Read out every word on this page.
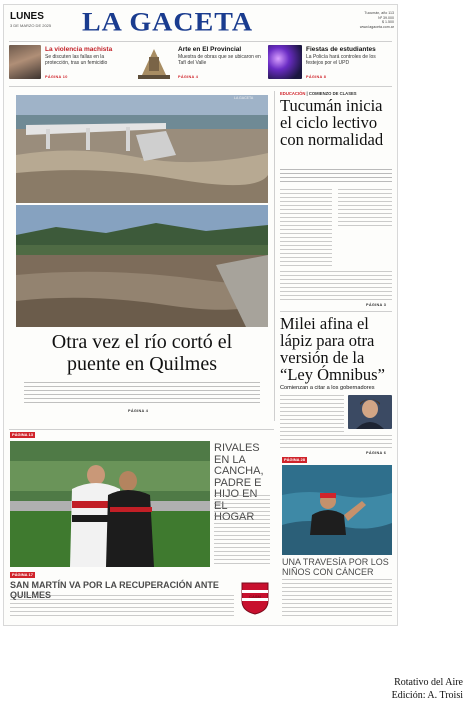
LUNES
3 DE MARZO DE 2025	LA GACETA	Tucumán, año 113
Nº 39.000
$ 1.500
www.lagaceta.com.ar
La violencia machista
Se discuten las fallas en la protección, tras un femicidio
PÁGINA 10
Arte en El Provincial
Muestra de obras que se ubicaron en Tafí del Valle
PÁGINA 4
Fiestas de estudiantes
La Policía hará controles de los festejos por el UPD
PÁGINA 8
LA GACETA
Otra vez el río cortó el
puente en Quilmes
PÁGINA 4
EDUCACIÓN | COMIENZO DE CLASES
Tucumán inicia el ciclo lectivo con normalidad
PÁGINA 3
Milei afina el
lápiz para otra
versión de la
“Ley Ómnibus”
Comienzan a citar a los gobernadores
PÁGINA 6
PÁGINA 13
RIVALES EN LA CANCHA, PADRE E HIJO EN EL HOGAR
PÁGINA 28
UNA TRAVESÍA POR LOS NIÑOS CON CÁNCER
PÁGINA 17
SAN MARTÍN VA POR LA RECUPERACIÓN ANTE QUILMES	CASM
Rotativo del Aire
Edición: A. Troisi
